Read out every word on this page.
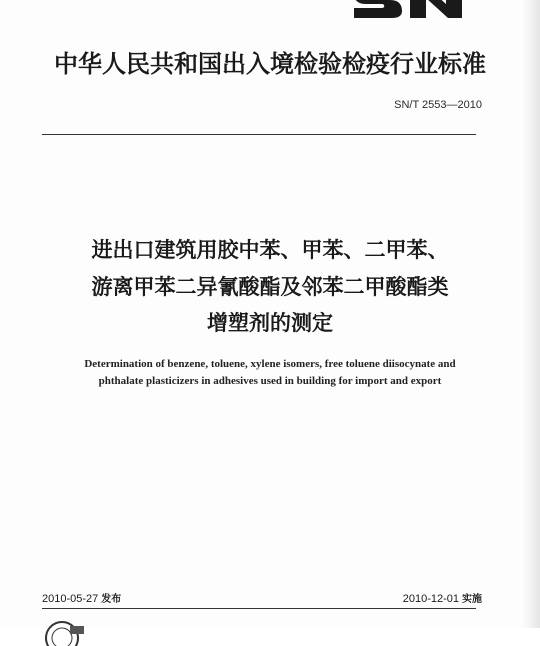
中华人民共和国出入境检验检疫行业标准
SN/T 2553—2010
进出口建筑用胶中苯、甲苯、二甲苯、
游离甲苯二异氰酸酯及邻苯二甲酸酯类
增塑剂的测定
Determination of benzene, toluene, xylene isomers, free toluene diisocynate and
phthalate plasticizers in adhesives used in building for import and export
2010-05-27 发布	2010-12-01 实施
